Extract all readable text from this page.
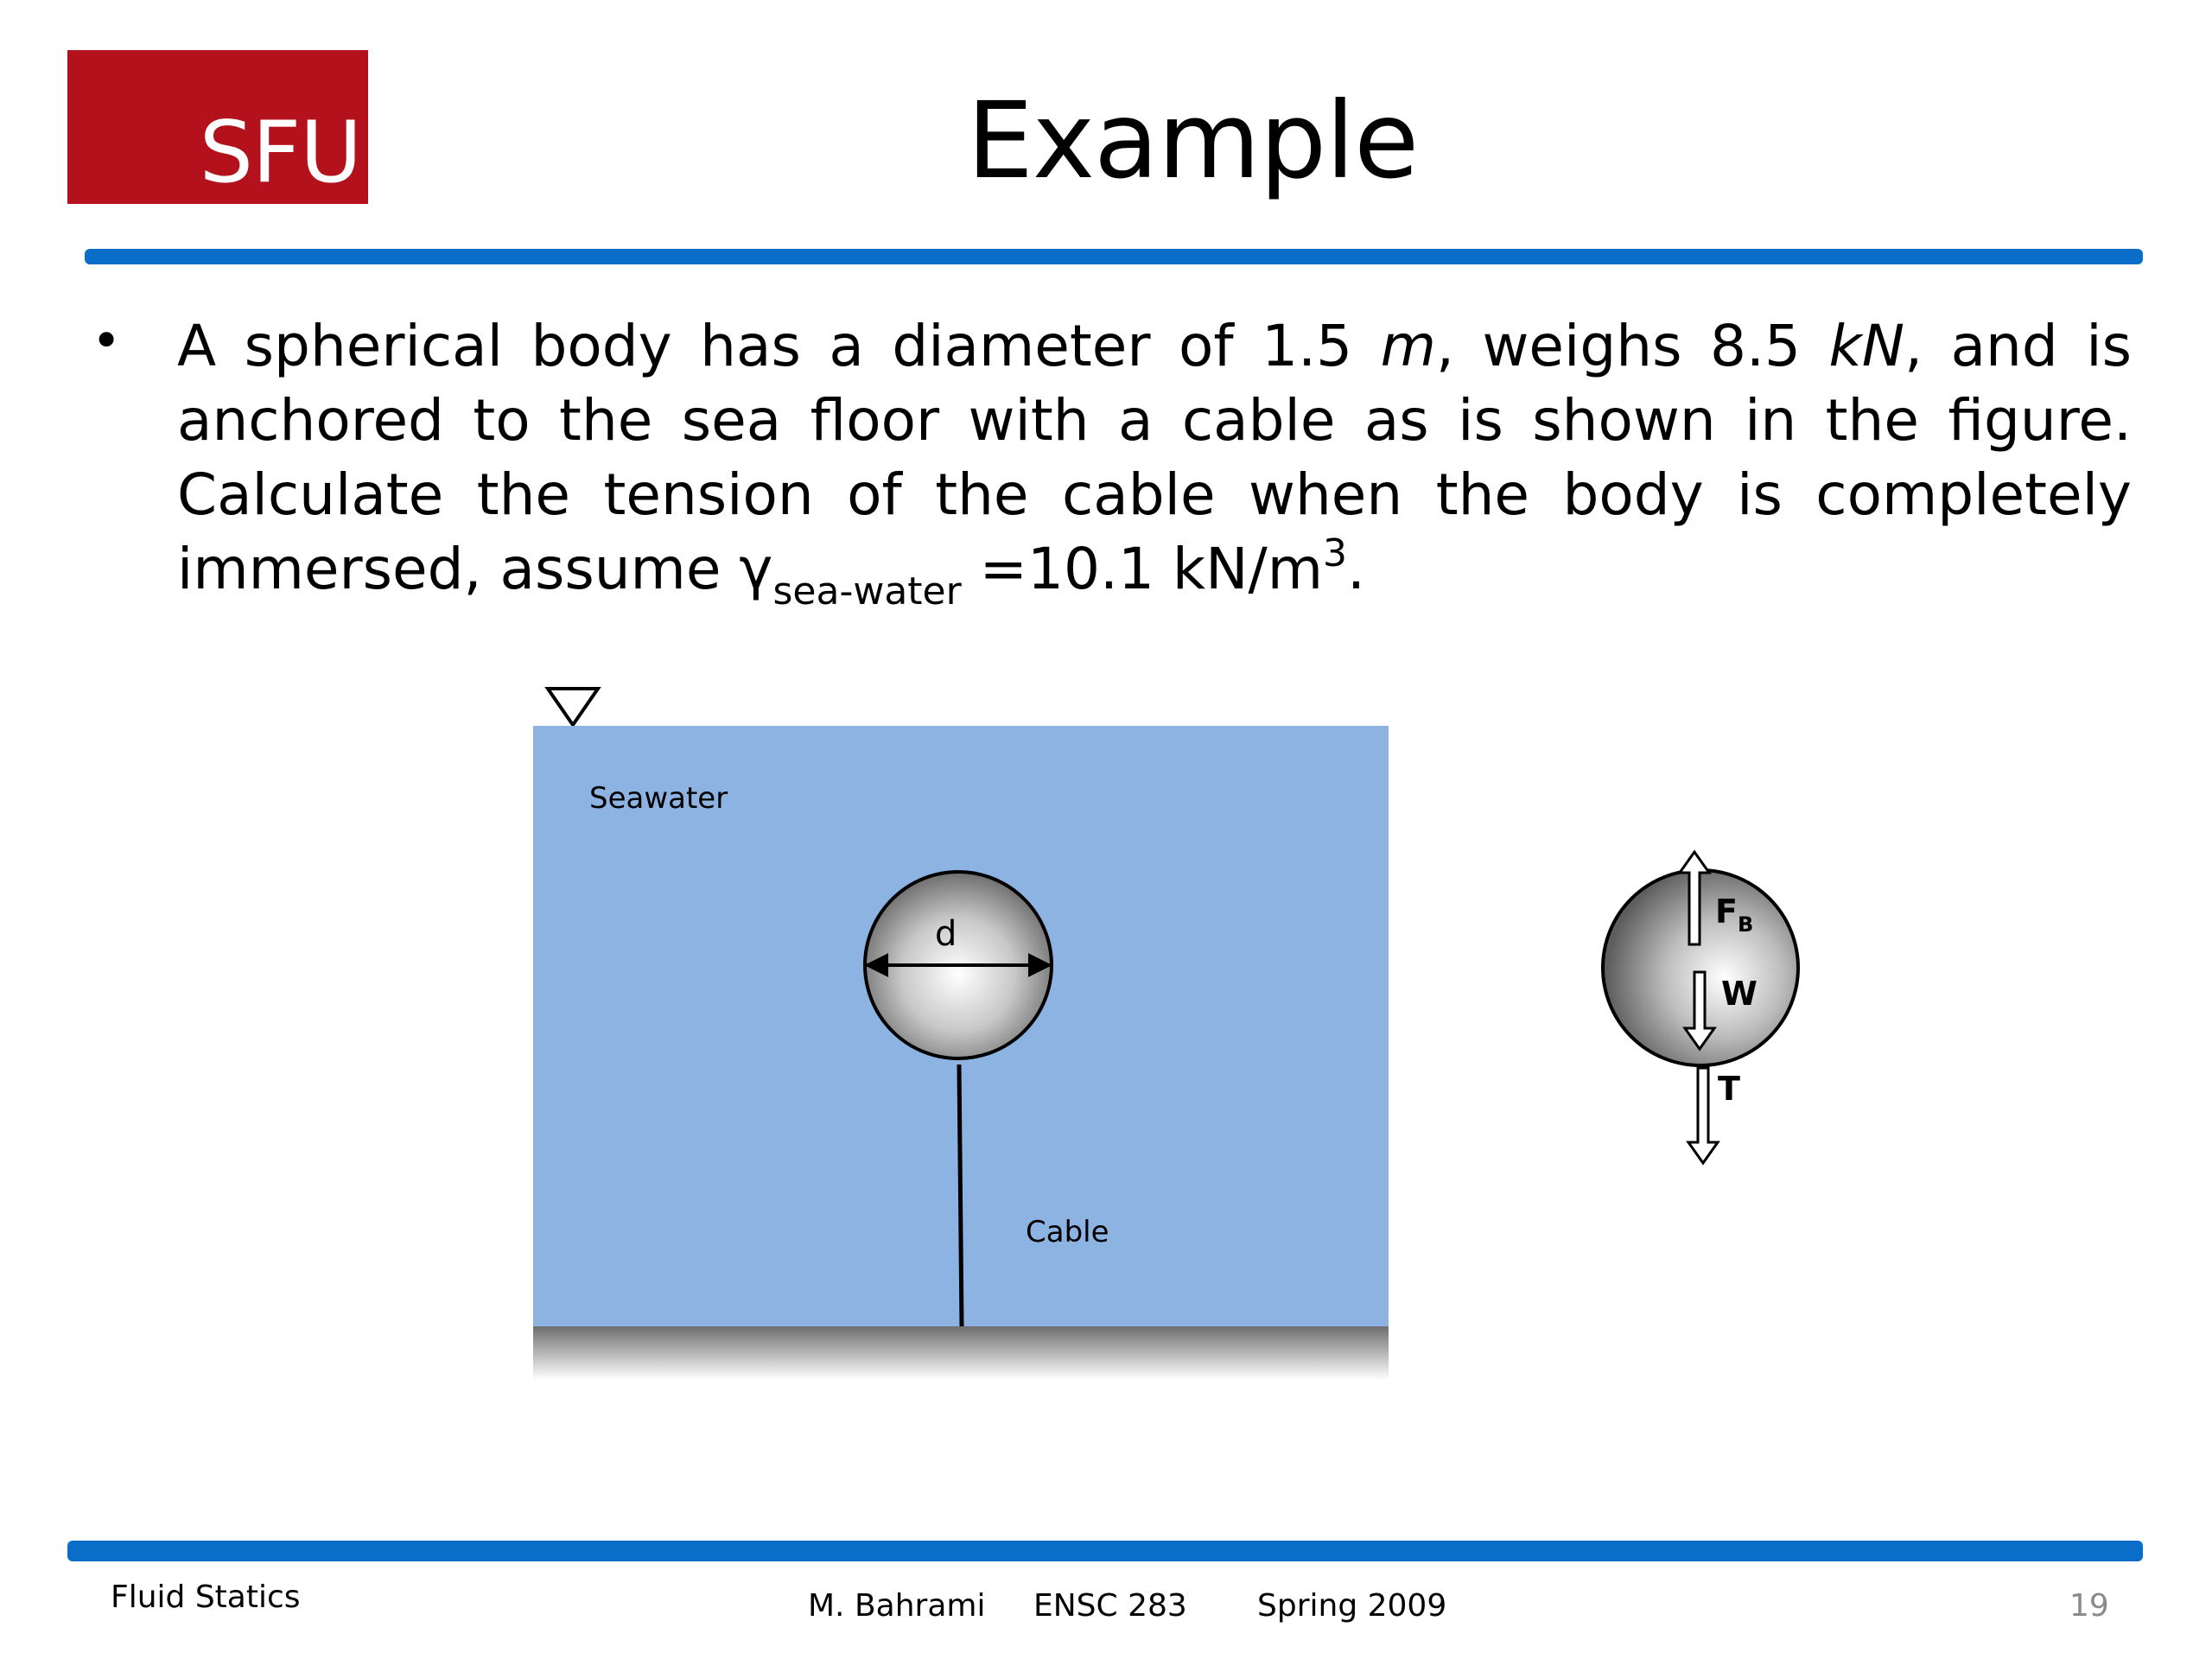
SFU	Example
• A spherical body has a diameter of 1.5 m, weighs 8.5 kN, and is
anchored to the sea floor with a cable as is shown in the figure.
Calculate the tension of the cable when the body is completely
immersed, assume $\gamma_{sea-water} =10.1$ $kN/m^3$.
Seawater
d
Cable
$F_B$
W
T
Fluid Statics	M. Bahrami ENSC 283 Spring 2009	19
